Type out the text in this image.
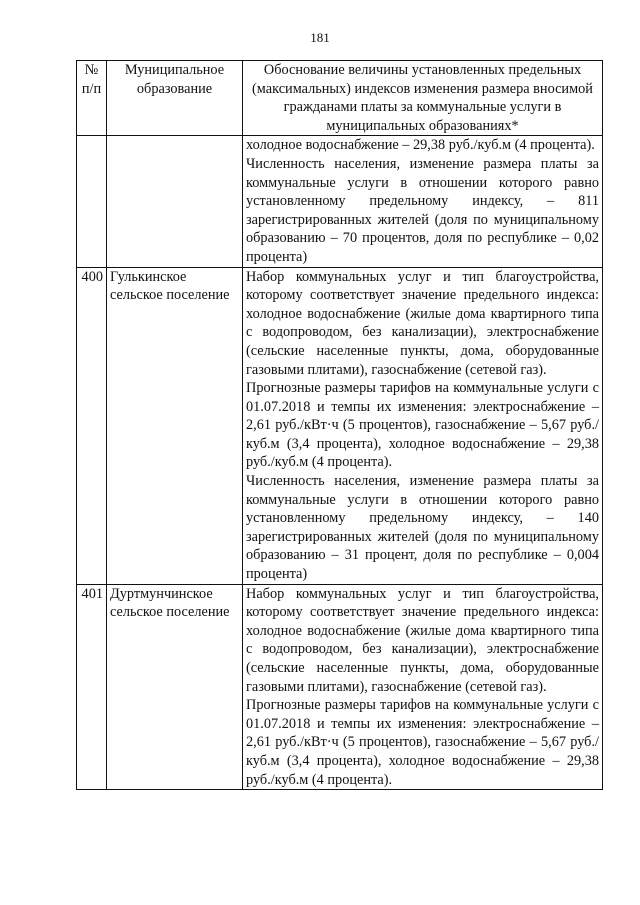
181
№ п/п	Муниципальное образование	Обоснование величины установленных предельных (максимальных) индексов изменения размера вносимой гражданами платы за коммунальные услуги в муниципальных образованиях*

		холодное водоснабжение – 29,38 руб./куб.м (4 процента).

Численность населения, изменение размера платы за коммунальные услуги в отношении которого равно установленному предельному индексу, – 811 зарегистрированных жителей (доля по муниципальному образованию – 70 процентов, доля по республике – 0,02 процента)

400	Гулькинское сельское поселение	Набор коммунальных услуг и тип благоустройства, которому соответствует значение предельного индекса: холодное водоснабжение (жилые дома квартирного типа с водопроводом, без канализации), электроснабжение (сельские населенные пункты, дома, оборудованные газовыми плитами), газоснабжение (сетевой газ).

Прогнозные размеры тарифов на коммунальные услуги с 01.07.2018 и темпы их изменения: электроснабжение – 2,61 руб./кВт·ч (5 процентов), газоснабжение – 5,67 руб./куб.м (3,4 процента), холодное водоснабжение – 29,38 руб./куб.м (4 процента).

Численность населения, изменение размера платы за коммунальные услуги в отношении которого равно установленному предельному индексу, – 140 зарегистрированных жителей (доля по муниципальному образованию – 31 процент, доля по республике – 0,004 процента)

401	Дуртмунчинское сельское поселение	Набор коммунальных услуг и тип благоустройства, которому соответствует значение предельного индекса: холодное водоснабжение (жилые дома квартирного типа с водопроводом, без канализации), электроснабжение (сельские населенные пункты, дома, оборудованные газовыми плитами), газоснабжение (сетевой газ).

Прогнозные размеры тарифов на коммунальные услуги с 01.07.2018 и темпы их изменения: электроснабжение – 2,61 руб./кВт·ч (5 процентов), газоснабжение – 5,67 руб./куб.м (3,4 процента), холодное водоснабжение – 29,38 руб./куб.м (4 процента).
